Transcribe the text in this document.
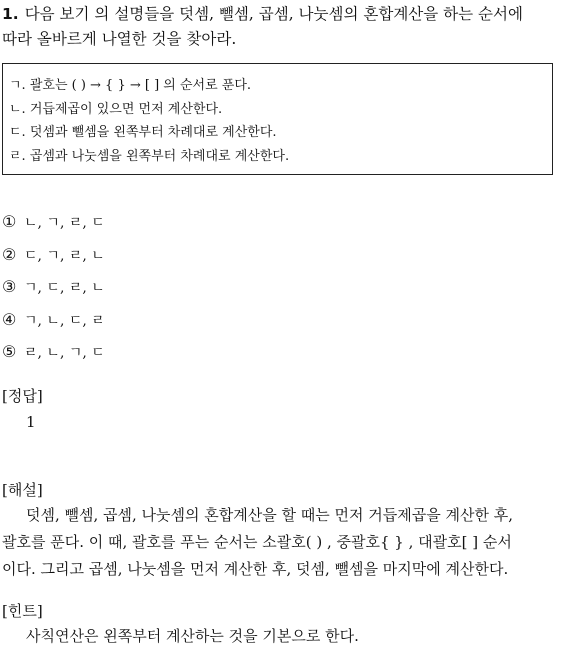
1. 다음 보기 의 설명들을 덧셈, 뺄셈, 곱셈, 나눗셈의 혼합계산을 하는 순서에
따라 올바르게 나열한 것을 찾아라.
ㄱ. 괄호는 ( ) → { } → [ ] 의 순서로 푼다.
ㄴ. 거듭제곱이 있으면 먼저 계산한다.
ㄷ. 덧셈과 뺄셈을 왼쪽부터 차례대로 계산한다.
ㄹ. 곱셈과 나눗셈을 왼쪽부터 차례대로 계산한다.
① ㄴ, ㄱ, ㄹ, ㄷ
② ㄷ, ㄱ, ㄹ, ㄴ
③ ㄱ, ㄷ, ㄹ, ㄴ
④ ㄱ, ㄴ, ㄷ, ㄹ
⑤ ㄹ, ㄴ, ㄱ, ㄷ
[정답]
1
[해설]
덧셈, 뺄셈, 곱셈, 나눗셈의 혼합계산을 할 때는 먼저 거듭제곱을 계산한 후,
괄호를 푼다. 이 때, 괄호를 푸는 순서는 소괄호( ) , 중괄호{ } , 대괄호[ ] 순서
이다. 그리고 곱셈, 나눗셈을 먼저 계산한 후, 덧셈, 뺄셈을 마지막에 계산한다.
[힌트]
사칙연산은 왼쪽부터 계산하는 것을 기본으로 한다.
